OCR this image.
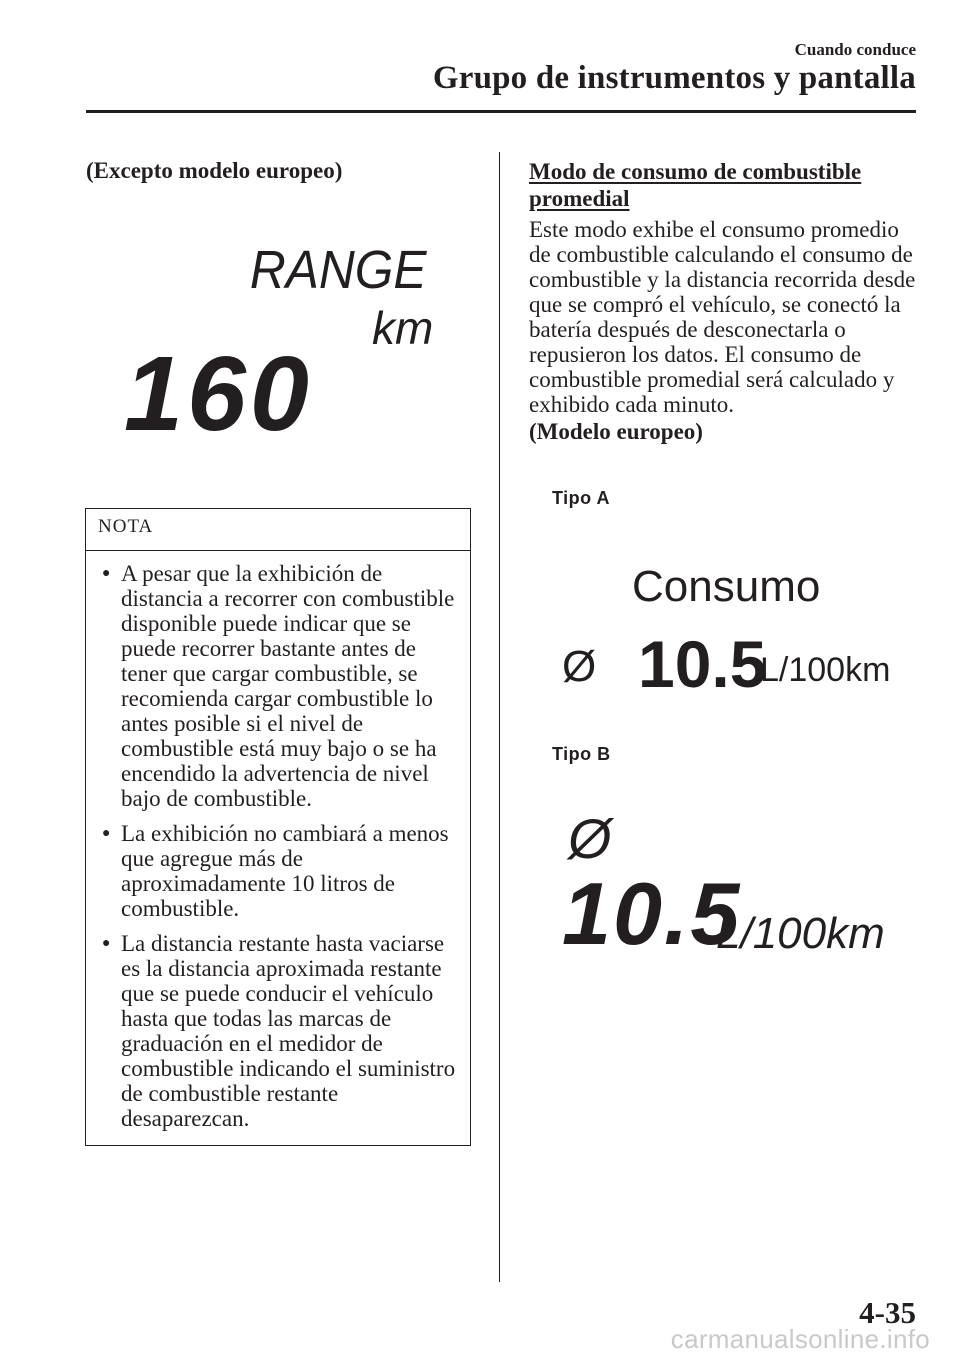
Cuando conduce
Grupo de instrumentos y pantalla
(Excepto modelo europeo)
RANGE
km
160
NOTA
● A pesar que la exhibición de distancia a recorrer con combustible disponible puede indicar que se puede recorrer bastante antes de tener que cargar combustible, se recomienda cargar combustible lo antes posible si el nivel de combustible está muy bajo o se ha encendido la advertencia de nivel bajo de combustible.
● La exhibición no cambiará a menos que agregue más de aproximadamente 10 litros de combustible.
● La distancia restante hasta vaciarse es la distancia aproximada restante que se puede conducir el vehículo hasta que todas las marcas de graduación en el medidor de combustible indicando el suministro de combustible restante desaparezcan.
Modo de consumo de combustible promedial
Este modo exhibe el consumo promedio de combustible calculando el consumo de combustible y la distancia recorrida desde que se compró el vehículo, se conectó la batería después de desconectarla o repusieron los datos. El consumo de combustible promedial será calculado y exhibido cada minuto.
(Modelo europeo)
Tipo A
Consumo
Ø 10.5
L/100km
Tipo B
Ø
10.5
L/100km
4-35
carmanualsonline.info
